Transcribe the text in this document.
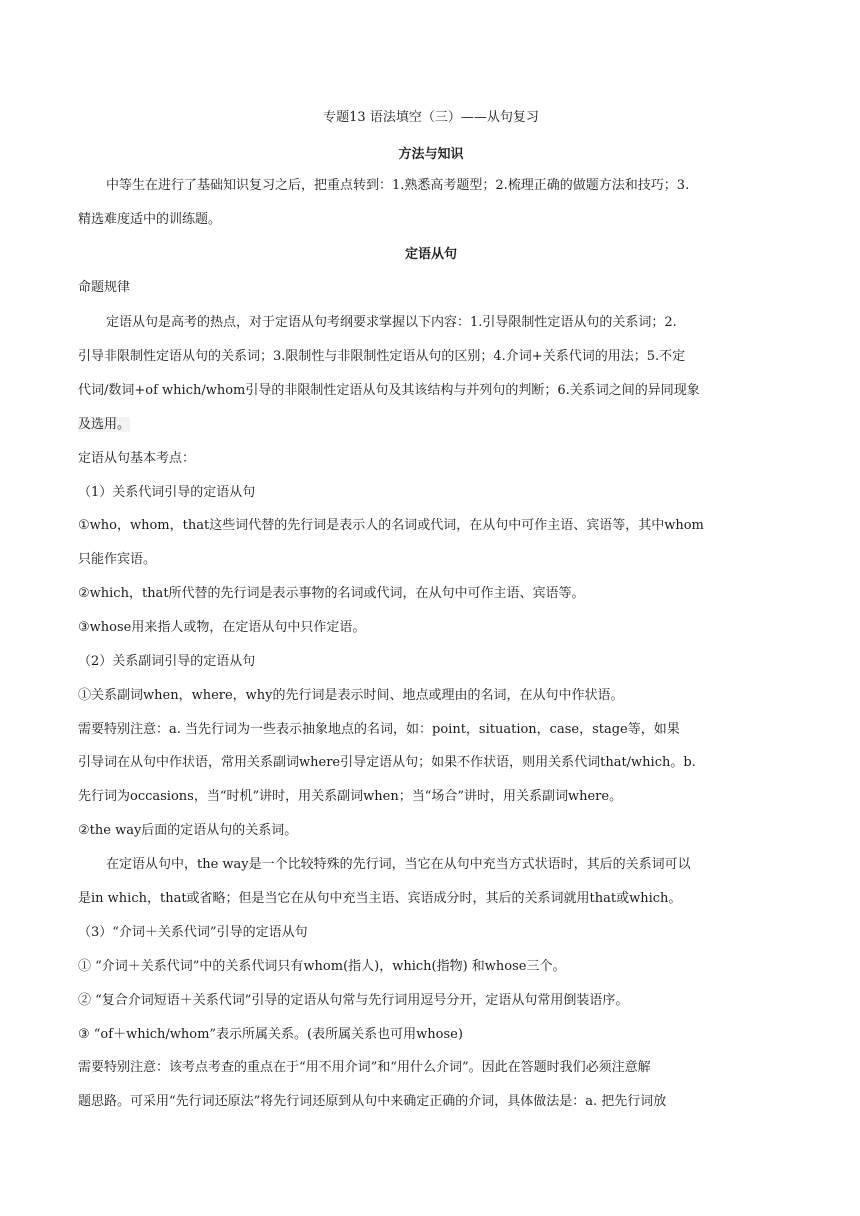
专题13 语法填空（三）——从句复习
方法与知识
中等生在进行了基础知识复习之后，把重点转到：1.熟悉高考题型；2.梳理正确的做题方法和技巧；3.
精选难度适中的训练题。
定语从句
命题规律
定语从句是高考的热点，对于定语从句考纲要求掌握以下内容：1.引导限制性定语从句的关系词；2.
引导非限制性定语从句的关系词；3.限制性与非限制性定语从句的区别；4.介词+关系代词的用法；5.不定
代词/数词+of which/whom引导的非限制性定语从句及其该结构与并列句的判断；6.关系词之间的异同现象
及选用。
定语从句基本考点：
（1）关系代词引导的定语从句
①who，whom，that这些词代替的先行词是表示人的名词或代词，在从句中可作主语、宾语等，其中whom
只能作宾语。
②which，that所代替的先行词是表示事物的名词或代词，在从句中可作主语、宾语等。
③whose用来指人或物，在定语从句中只作定语。
（2）关系副词引导的定语从句
①关系副词when，where，why的先行词是表示时间、地点或理由的名词，在从句中作状语。
需要特别注意：a. 当先行词为一些表示抽象地点的名词，如：point，situation，case，stage等，如果
引导词在从句中作状语，常用关系副词where引导定语从句；如果不作状语，则用关系代词that/which。b.
先行词为occasions，当“时机”讲时，用关系副词when；当“场合”讲时，用关系副词where。
②the way后面的定语从句的关系词。
在定语从句中，the way是一个比较特殊的先行词，当它在从句中充当方式状语时，其后的关系词可以
是in which，that或省略；但是当它在从句中充当主语、宾语成分时，其后的关系词就用that或which。
（3）“介词＋关系代词”引导的定语从句
① “介词＋关系代词”中的关系代词只有whom(指人)，which(指物) 和whose三个。
② “复合介词短语＋关系代词”引导的定语从句常与先行词用逗号分开，定语从句常用倒装语序。
③ “of＋which/whom”表示所属关系。(表所属关系也可用whose)
需要特别注意：该考点考查的重点在于“用不用介词”和“用什么介词”。因此在答题时我们必须注意解
题思路。可采用“先行词还原法”将先行词还原到从句中来确定正确的介词，具体做法是：a. 把先行词放
